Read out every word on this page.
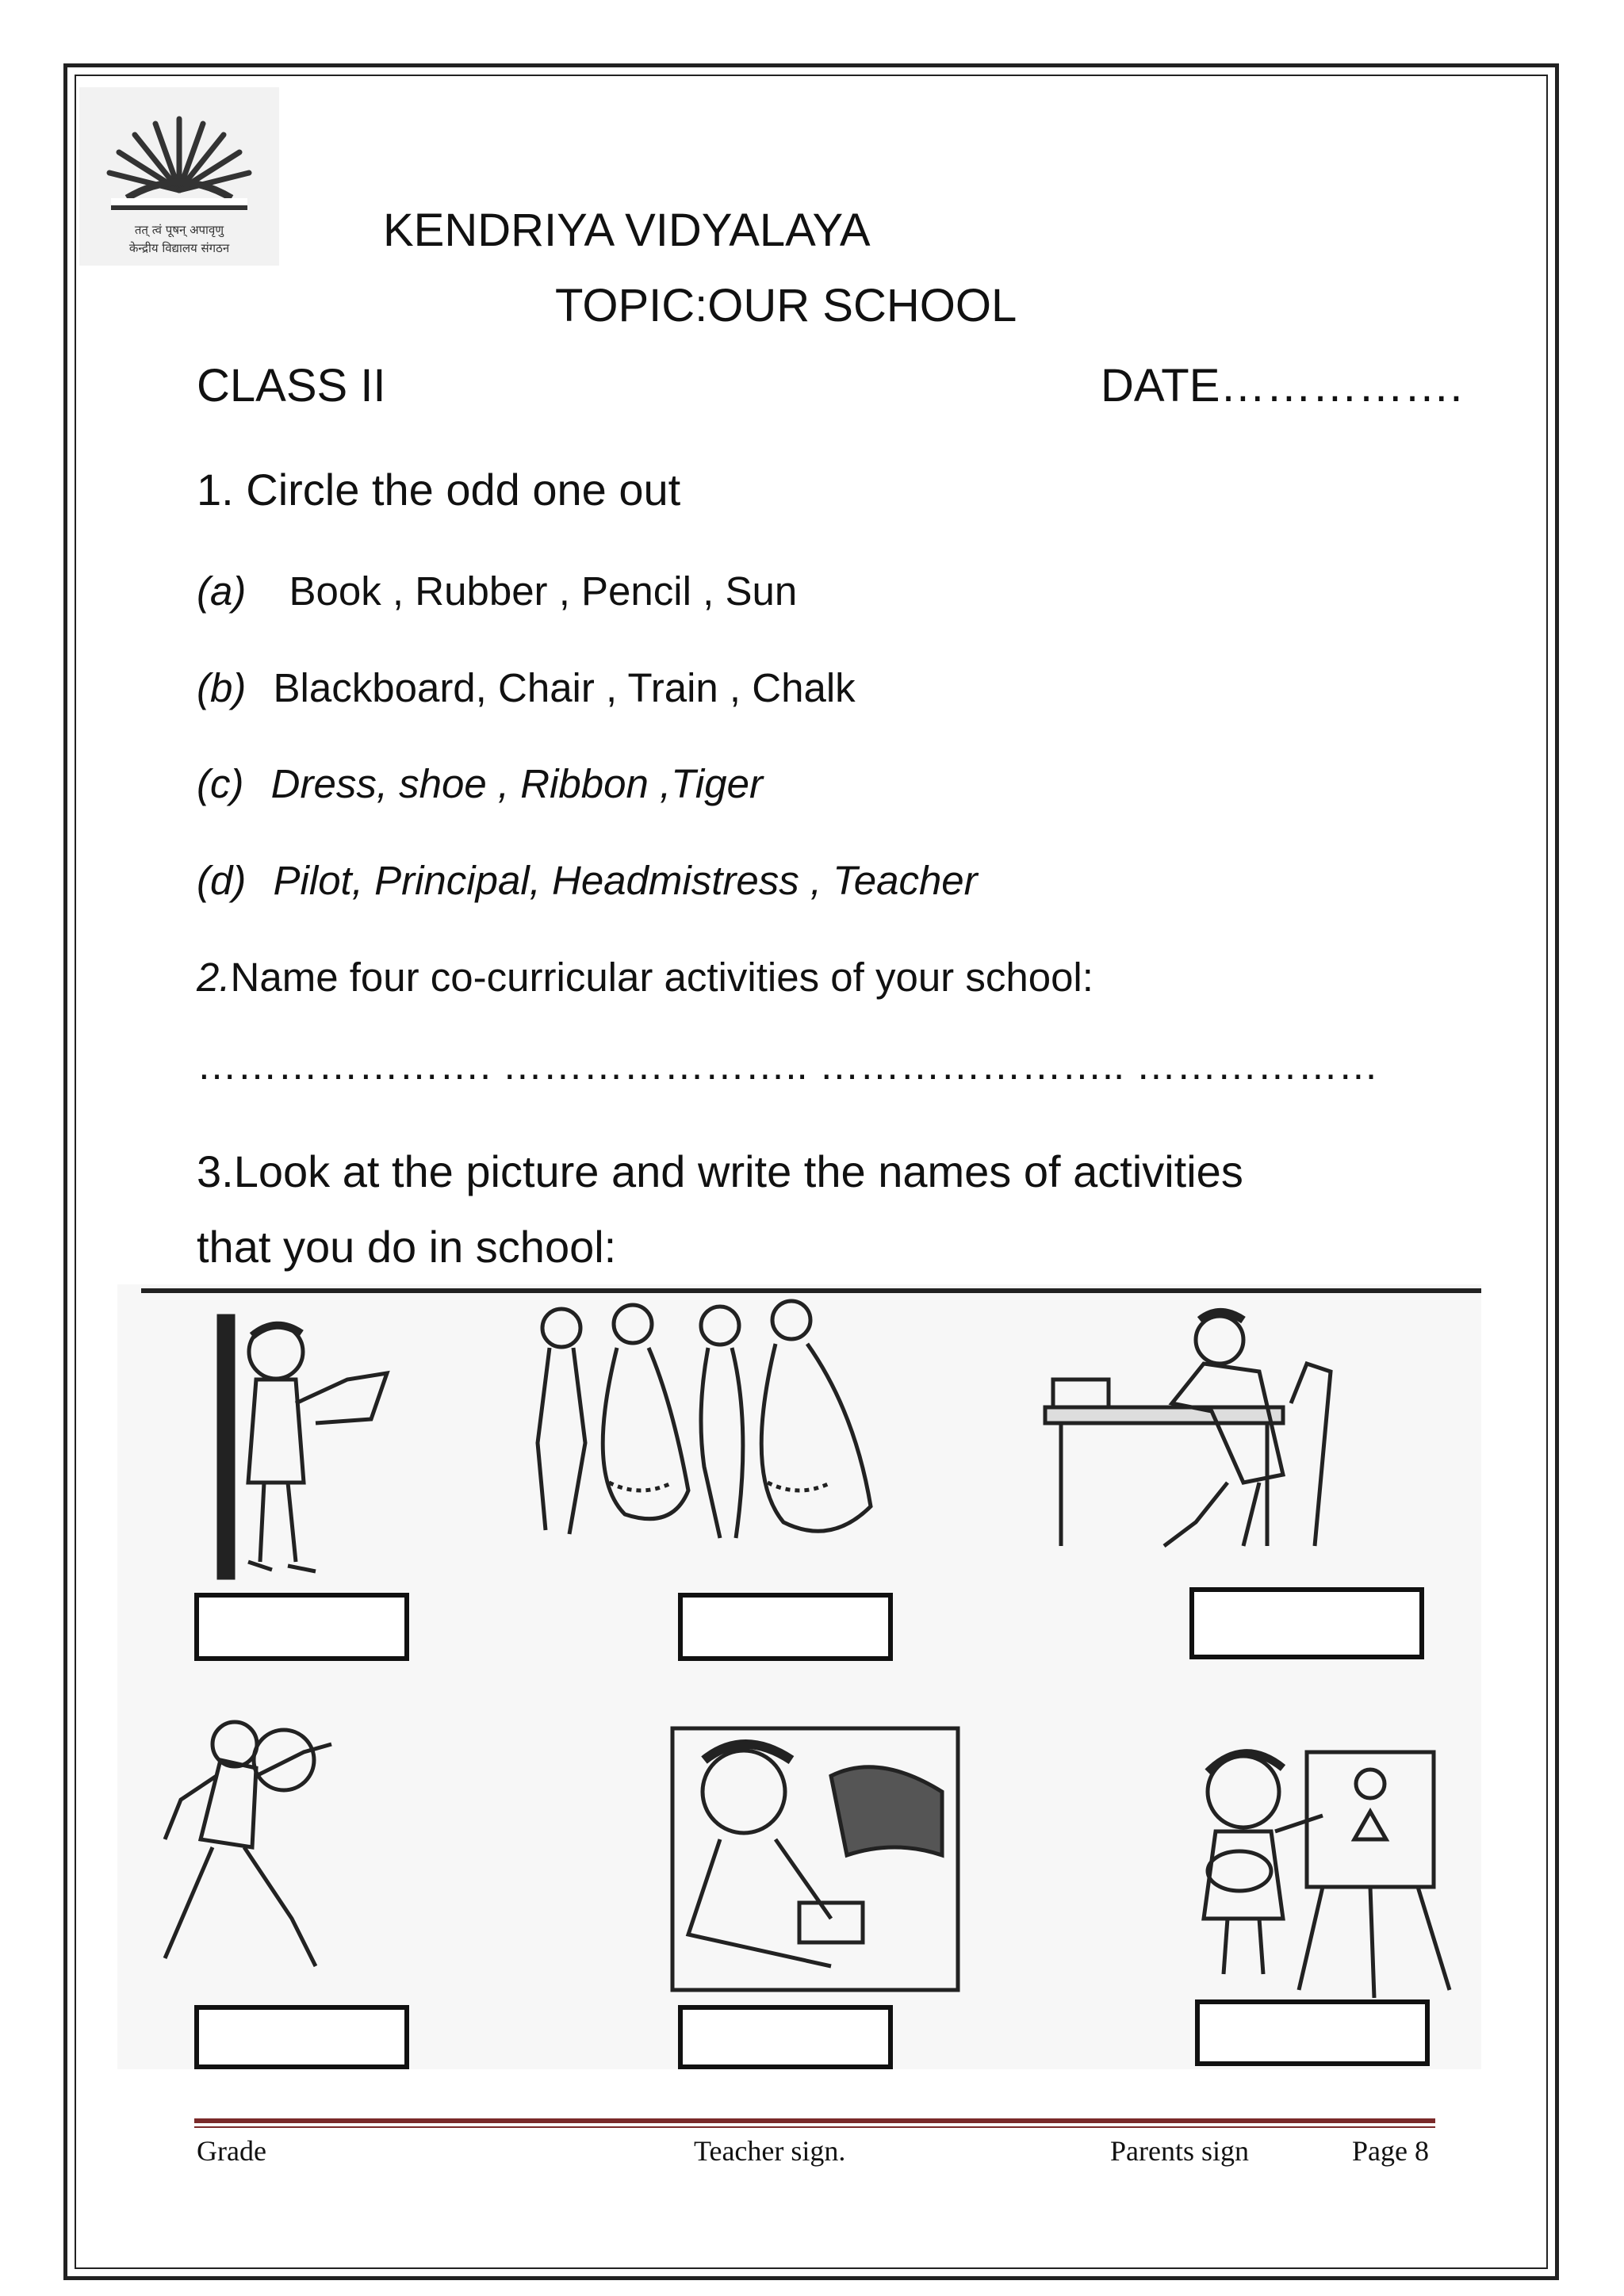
तत् त्वं पूषन् अपावृणु
केन्द्रीय विद्यालय संगठन	KENDRIYA VIDYALAYA
TOPIC:OUR SCHOOL
CLASS II	DATE…………….
1. Circle the odd one out
(a) Book , Rubber , Pencil , Sun
(b) Blackboard, Chair , Train , Chalk
(c) Dress, shoe , Ribbon ,Tiger
(d) Pilot, Principal, Headmistress , Teacher
2.Name four co-curricular activities of your school:
…………………. ………………….. ………………….. ………………
3.Look at the picture and write the names of activities
that you do in school:
Grade	Teacher sign.	Parents sign	Page 8
